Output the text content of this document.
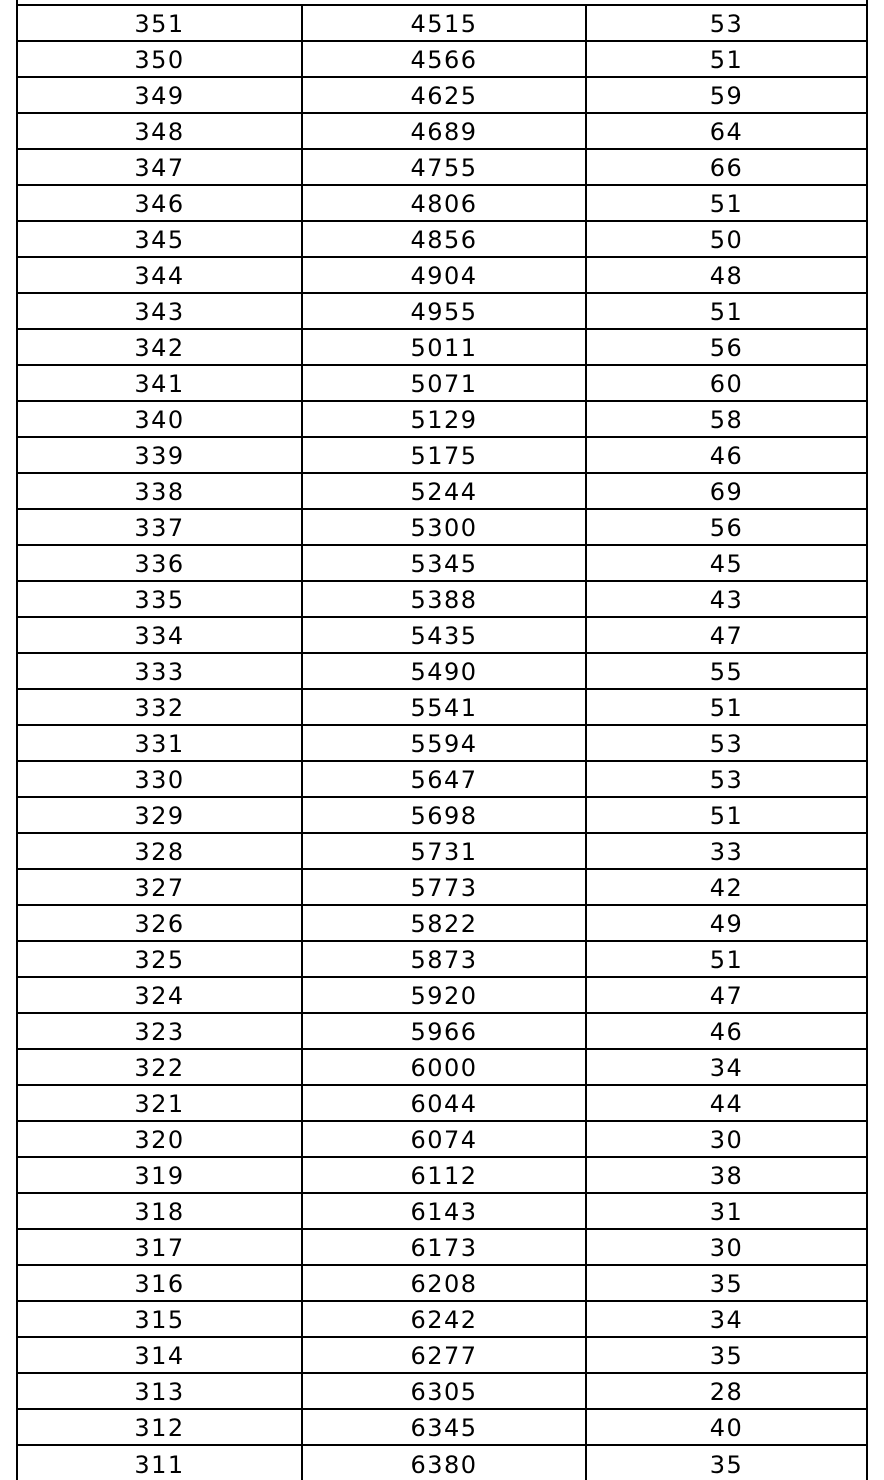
351	4515	53
350	4566	51
349	4625	59
348	4689	64
347	4755	66
346	4806	51
345	4856	50
344	4904	48
343	4955	51
342	5011	56
341	5071	60
340	5129	58
339	5175	46
338	5244	69
337	5300	56
336	5345	45
335	5388	43
334	5435	47
333	5490	55
332	5541	51
331	5594	53
330	5647	53
329	5698	51
328	5731	33
327	5773	42
326	5822	49
325	5873	51
324	5920	47
323	5966	46
322	6000	34
321	6044	44
320	6074	30
319	6112	38
318	6143	31
317	6173	30
316	6208	35
315	6242	34
314	6277	35
313	6305	28
312	6345	40
311	6380	35
